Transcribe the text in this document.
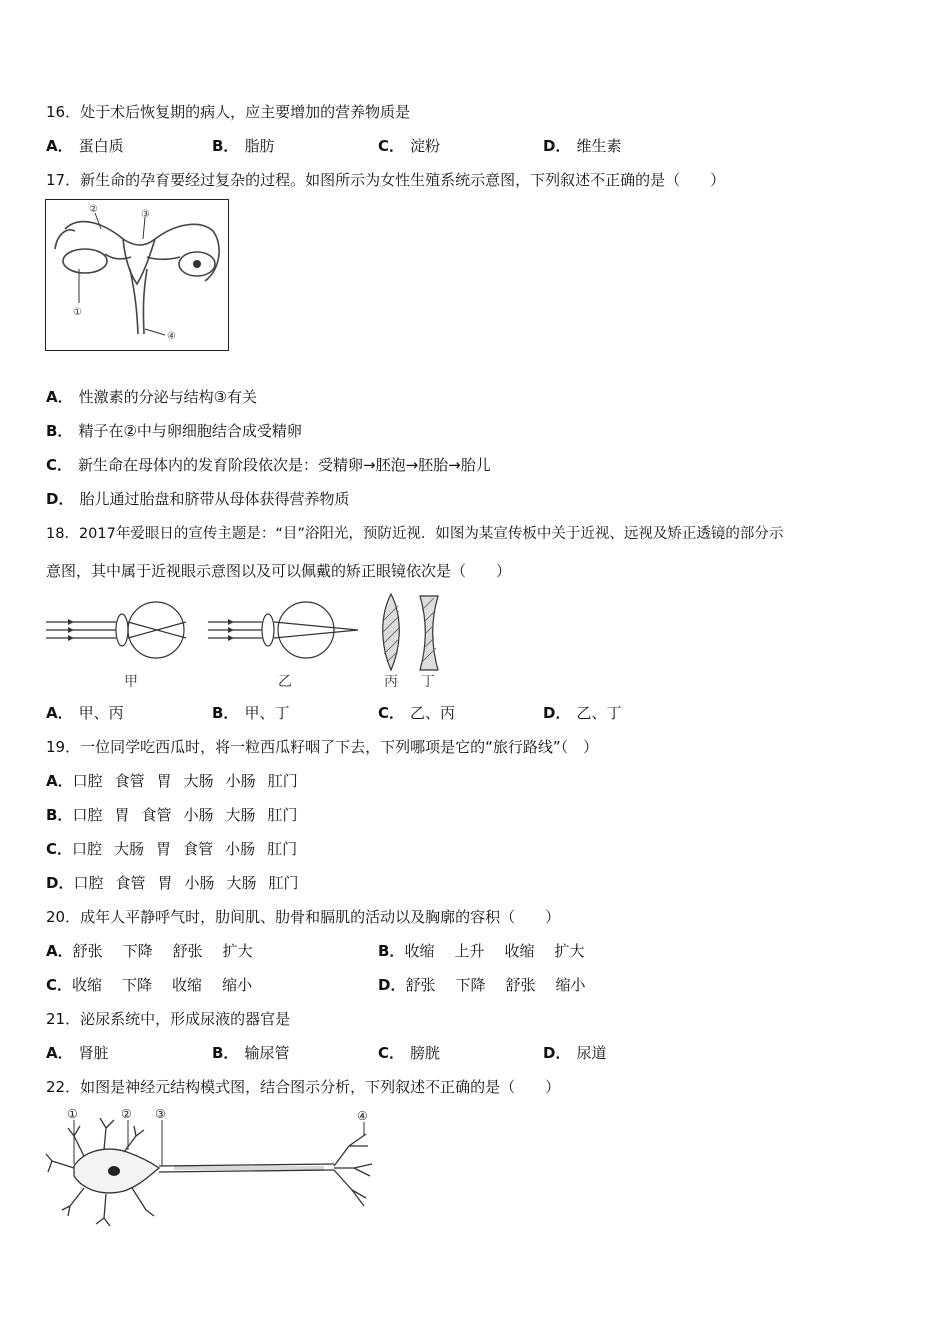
16．处于术后恢复期的病人，应主要增加的营养物质是
A． 蛋白质	B． 脂肪	C． 淀粉	D． 维生素
17．新生命的孕育要经过复杂的过程。如图所示为女性生殖系统示意图，下列叙述不正确的是（　　）
②	③
①
④
A． 性激素的分泌与结构③有关
B． 精子在②中与卵细胞结合成受精卵
C． 新生命在母体内的发育阶段依次是：受精卵→胚泡→胚胎→胎儿
D． 胎儿通过胎盘和脐带从母体获得营养物质
18．2017年爱眼日的宣传主题是：“目”浴阳光，预防近视．如图为某宣传板中关于近视、远视及矫正透镜的部分示
意图，其中属于近视眼示意图以及可以佩戴的矫正眼镜依次是（　　）
甲	乙	丙 丁
A． 甲、丙	B． 甲、丁	C． 乙、丙	D． 乙、丁
19．一位同学吃西瓜时，将一粒西瓜籽咽了下去，下列哪项是它的“旅行路线”（　）
A．口腔 食管 胃 大肠 小肠 肛门
B．口腔 胃 食管 小肠 大肠 肛门
C．口腔 大肠 胃 食管 小肠 肛门
D．口腔 食管 胃 小肠 大肠 肛门
20．成年人平静呼气时，肋间肌、肋骨和膈肌的活动以及胸廓的容积（　　）
A．舒张 下降 舒张 扩大	B．收缩 上升 收缩 扩大
C．收缩 下降 收缩 缩小	D．舒张 下降 舒张 缩小
21．泌尿系统中，形成尿液的器官是
A． 肾脏	B． 输尿管	C． 膀胱	D． 尿道
22．如图是神经元结构模式图，结合图示分析，下列叙述不正确的是（　　）
①	② ③	④
